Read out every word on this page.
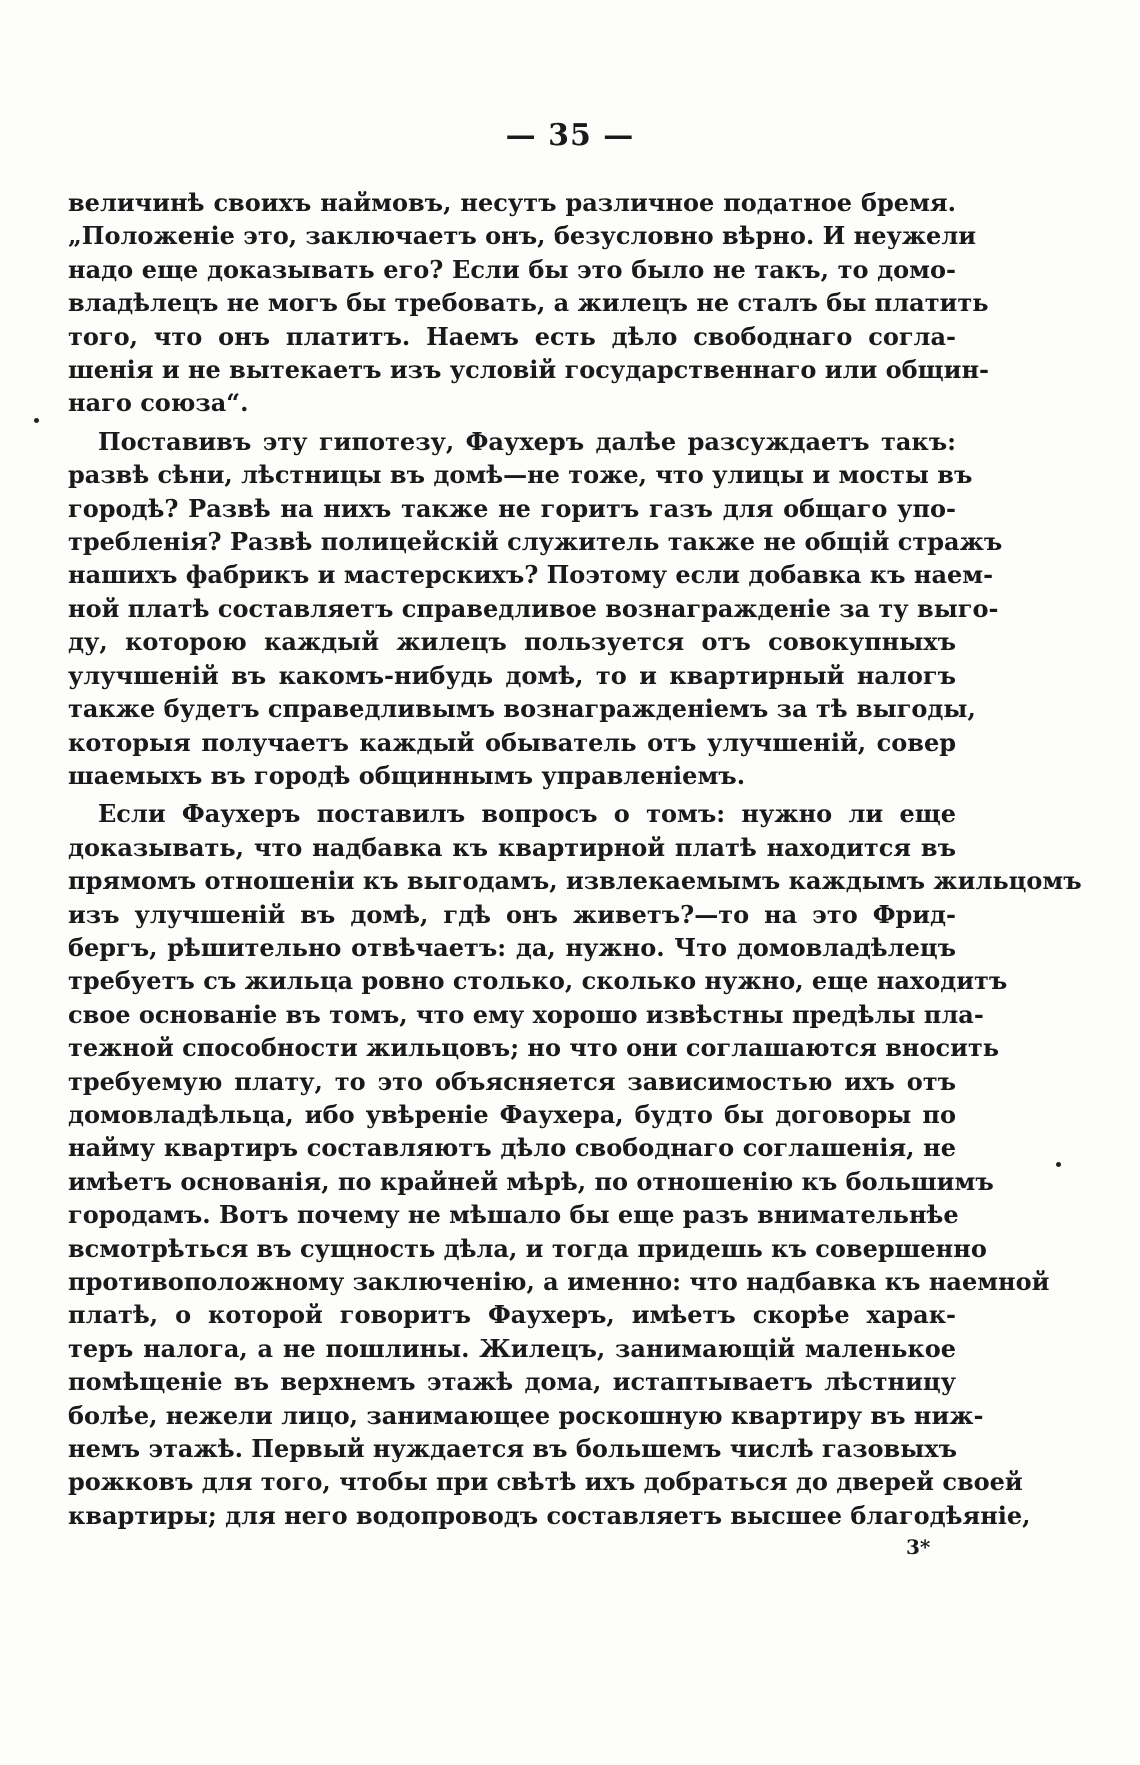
— 35 —

величинѣ своихъ наймовъ, несутъ различное податное бремя.
„Положеніе это, заключаетъ онъ, безусловно вѣрно. И неужели
надо еще доказывать его? Если бы это было не такъ, то домо-
владѣлецъ не могъ бы требовать, а жилецъ не сталъ бы платить
того, что онъ платитъ. Наемъ есть дѣло свободнаго согла-
шенія и не вытекаетъ изъ условій государственнаго или общин-
наго союза“.

Поставивъ эту гипотезу, Фаухеръ далѣе разсуждаетъ такъ:
развѣ сѣни, лѣстницы въ домѣ—не тоже, что улицы и мосты въ
городѣ? Развѣ на нихъ также не горитъ газъ для общаго упо-
требленія? Развѣ полицейскій служитель также не общій стражъ
нашихъ фабрикъ и мастерскихъ? Поэтому если добавка къ наем-
ной платѣ составляетъ справедливое вознагражденіе за ту выго-
ду, которою каждый жилецъ пользуется отъ совокупныхъ
улучшеній въ какомъ-нибудь домѣ, то и квартирный налогъ
также будетъ справедливымъ вознагражденіемъ за тѣ выгоды,
которыя получаетъ каждый обыватель отъ улучшеній, совер
шаемыхъ въ городѣ общиннымъ управленіемъ.

Если Фаухеръ поставилъ вопросъ о томъ: нужно ли еще
доказывать, что надбавка къ квартирной платѣ находится въ
прямомъ отношеніи къ выгодамъ, извлекаемымъ каждымъ жильцомъ
изъ улучшеній въ домѣ, гдѣ онъ живетъ?—то на это Фрид-
бергъ, рѣшительно отвѣчаетъ: да, нужно. Что домовладѣлецъ
требуетъ съ жильца ровно столько, сколько нужно, еще находитъ
свое основаніе въ томъ, что ему хорошо извѣстны предѣлы пла-
тежной способности жильцовъ; но что они соглашаются вносить
требуемую плату, то это объясняется зависимостью ихъ отъ
домовладѣльца, ибо увѣреніе Фаухера, будто бы договоры по
найму квартиръ составляютъ дѣло свободнаго соглашенія, не
имѣетъ основанія, по крайней мѣрѣ, по отношенію къ большимъ
городамъ. Вотъ почему не мѣшало бы еще разъ внимательнѣе
всмотрѣться въ сущность дѣла, и тогда придешь къ совершенно
противоположному заключенію, а именно: что надбавка къ наемной
платѣ, о которой говоритъ Фаухеръ, имѣетъ скорѣе харак-
теръ налога, а не пошлины. Жилецъ, занимающій маленькое
помѣщеніе въ верхнемъ этажѣ дома, истаптываетъ лѣстницу
болѣе, нежели лицо, занимающее роскошную квартиру въ ниж-
немъ этажѣ. Первый нуждается въ большемъ числѣ газовыхъ
рожковъ для того, чтобы при свѣтѣ ихъ добраться до дверей своей
квартиры; для него водопроводъ составляетъ высшее благодѣяніе,

3*
